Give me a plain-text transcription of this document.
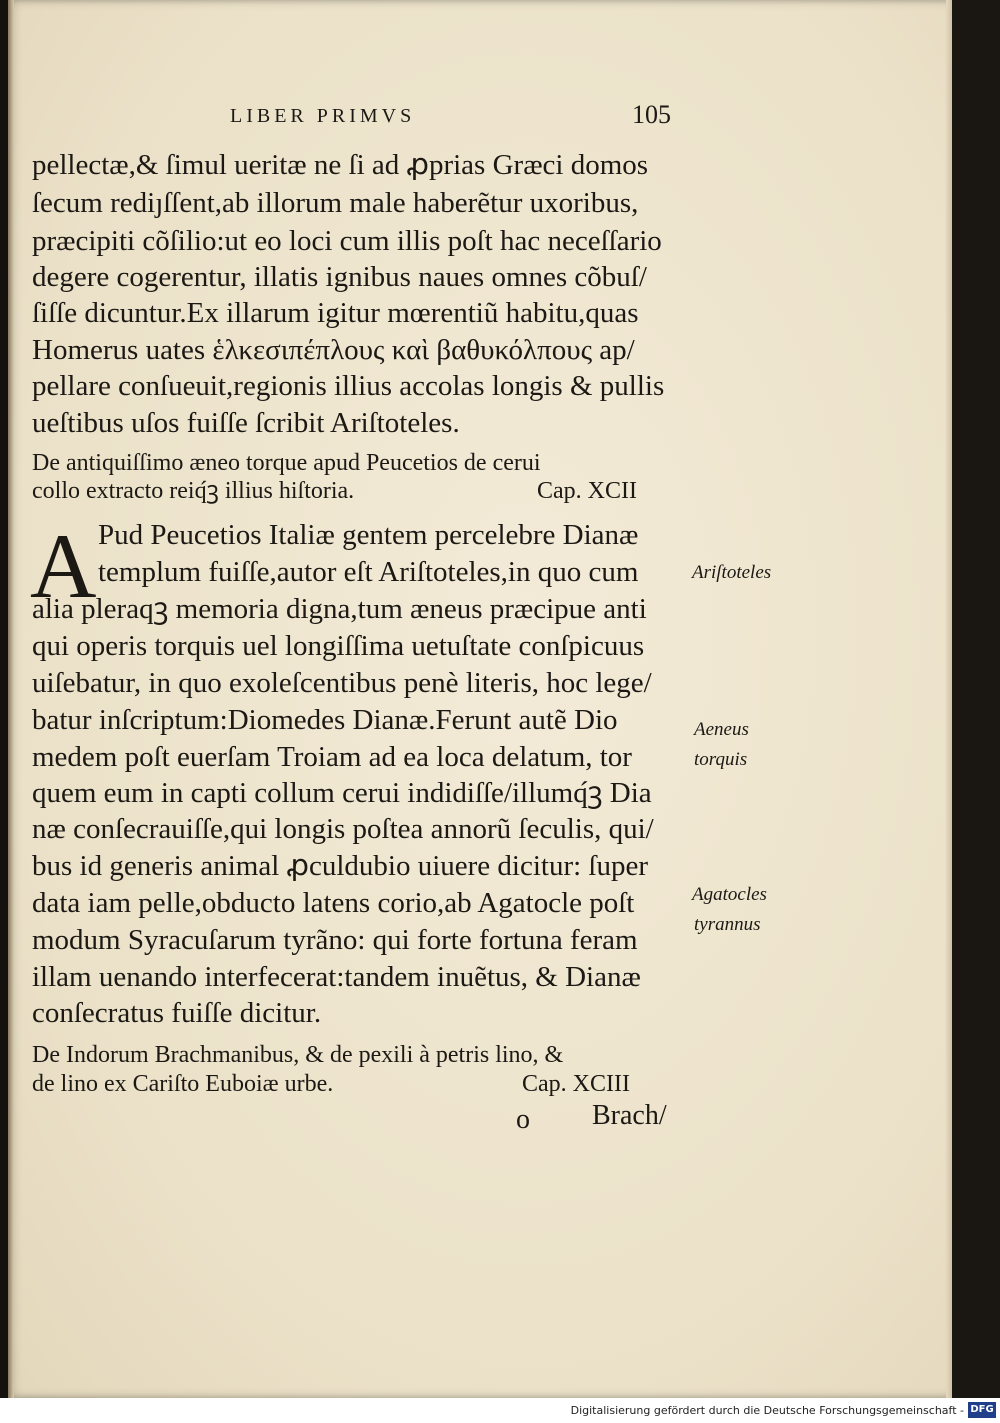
LIBER PRIMVS	105
pellectæ,& ſimul ueritæ ne ſi ad ꝓprias Græci domos
ſecum rediȷſſent,ab illorum male haberẽtur uxoribus,
præcipiti cõſilio:ut eo loci cum illis poſt hac neceſſario
degere cogerentur, illatis ignibus naues omnes cõbuſ/
ſiſſe dicuntur.Ex illarum igitur mœrentiũ habitu,quas
Homerus uates ἑλκεσιπέπλους καὶ βαθυκόλπους ap/
pellare conſueuit,regionis illius accolas longis & pullis
ueſtibus uſos fuiſſe ſcribit Ariſtoteles.
De antiquiſſimo æneo torque apud Peucetios de cerui
collo extracto reiq́ꝫ illius hiſtoria.	Cap. XCII
A Pud Peucetios Italiæ gentem percelebre Dianæ
templum fuiſſe,autor eſt Ariſtoteles,in quo cum
alia pleraqꝫ memoria digna,tum æneus præcipue anti
qui operis torquis uel longiſſima uetuſtate conſpicuus
uiſebatur, in quo exoleſcentibus penè literis, hoc lege/
batur inſcriptum:Diomedes Dianæ.Ferunt autẽ Dio
medem poſt euerſam Troiam ad ea loca delatum, tor
quem eum in capti collum cerui indidiſſe/illumq́ꝫ Dia
næ conſecrauiſſe,qui longis poſtea annorũ ſeculis, qui/
bus id generis animal ꝓculdubio uiuere dicitur: ſuper
data iam pelle,obducto latens corio,ab Agatocle poſt
modum Syracuſarum tyrãno: qui forte fortuna feram
illam uenando interfecerat:tandem inuẽtus, & Dianæ
conſecratus fuiſſe dicitur.
De Indorum Brachmanibus, & de pexili à petris lino, &
de lino ex Cariſto Euboiæ urbe.	Cap. XCIII
o Brach/
Ariſtoteles
Aeneus
torquis
Agatocles
tyrannus
Digitalisierung gefördert durch die Deutsche Forschungsgemeinschaft - DFG
